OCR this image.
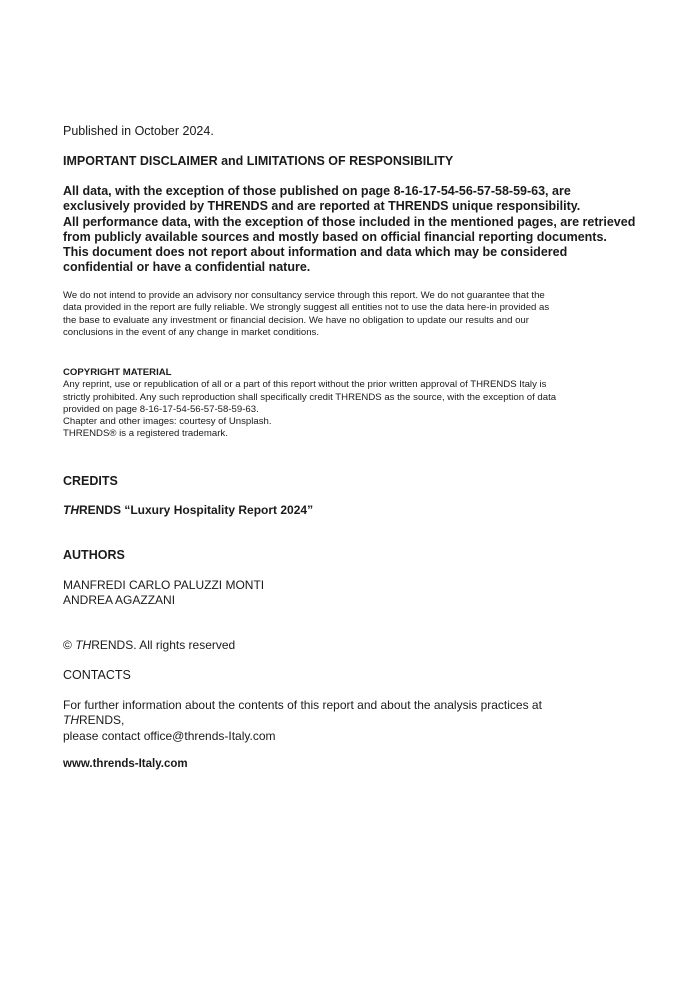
Published in October 2024.
IMPORTANT DISCLAIMER and LIMITATIONS OF RESPONSIBILITY

All data, with the exception of those published on page 8-16-17-54-56-57-58-59-63, are

exclusively provided by THRENDS and are reported at THRENDS unique responsibility.

All performance data, with the exception of those included in the mentioned pages, are retrieved

from publicly available sources and mostly based on official financial reporting documents.

This document does not report about information and data which may be considered

confidential or have a confidential nature.

We do not intend to provide an advisory nor consultancy service through this report. We do not guarantee that the

data provided in the report are fully reliable. We strongly suggest all entities not to use the data here-in provided as

the base to evaluate any investment or financial decision. We have no obligation to update our results and our

conclusions in the event of any change in market conditions.

COPYRIGHT MATERIAL

Any reprint, use or republication of all or a part of this report without the prior written approval of THRENDS Italy is

strictly prohibited. Any such reproduction shall specifically credit THRENDS as the source, with the exception of data

provided on page 8-16-17-54-56-57-58-59-63.

Chapter and other images: courtesy of Unsplash.

THRENDS® is a registered trademark.

CREDITS
THRENDS “Luxury Hospitality Report 2024”
AUTHORS
MANFREDI CARLO PALUZZI MONTI
ANDREA AGAZZANI
© THRENDS. All rights reserved
CONTACTS
For further information about the contents of this report and about the analysis practices at
THRENDS,
please contact office@thrends-Italy.com
www.thrends-Italy.com
